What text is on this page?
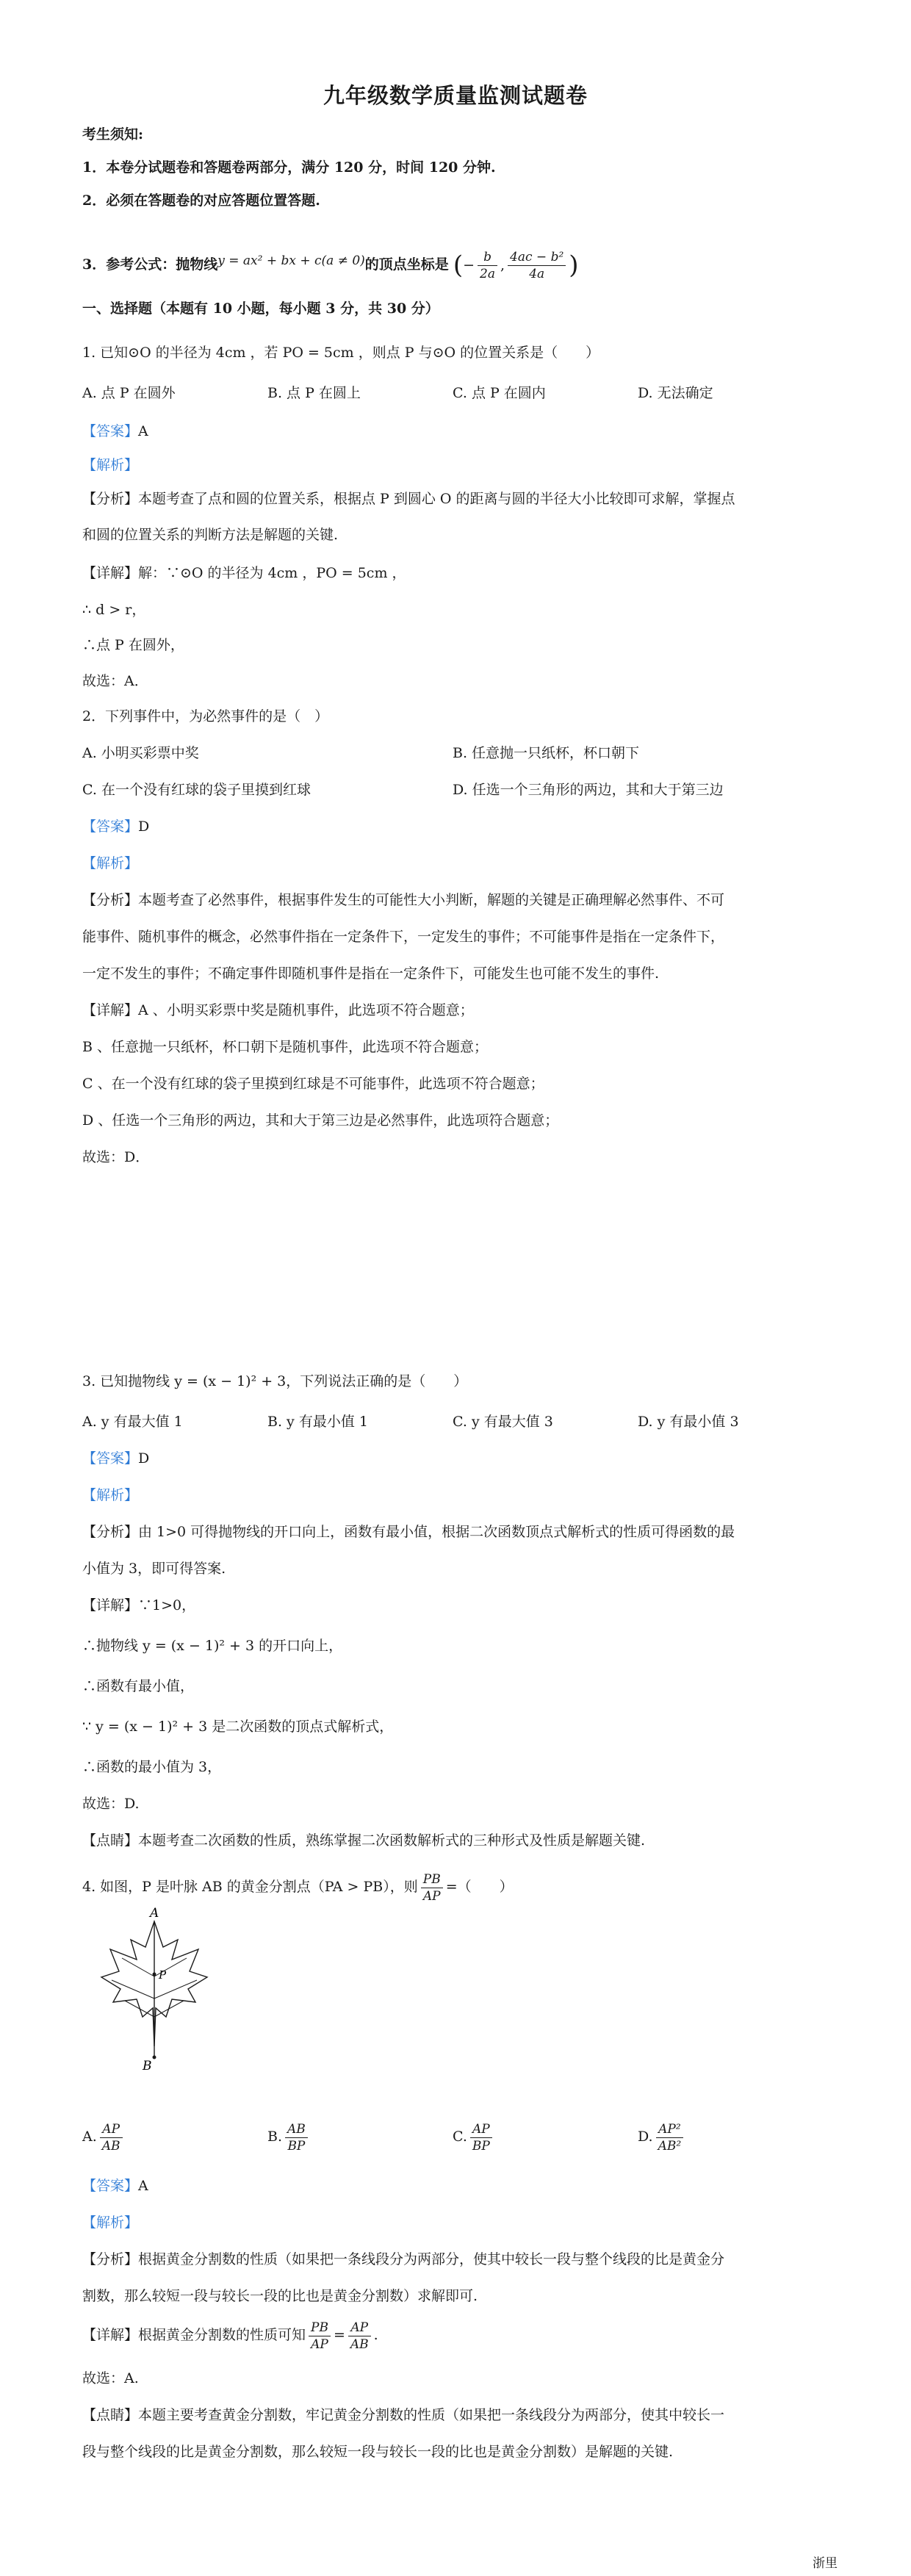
九年级数学质量监测试题卷
考生须知:
1．本卷分试题卷和答题卷两部分，满分 120 分，时间 120 分钟.
2．必须在答题卷的对应答题位置答题.
3．参考公式：抛物线y = ax² + bx + c(a ≠ 0)的顶点坐标是 (− $\frac{b}{2a}$ , $\frac{\text{4ac − b²}}{4a}$ )
一、选择题（本题有 10 小题，每小题 3 分，共 30 分）
1. 已知⊙O 的半径为 4cm ，若 PO = 5cm ，则点 P 与⊙O 的位置关系是（　　）
A. 点 P 在圆外	B. 点 P 在圆上	C. 点 P 在圆内	D. 无法确定
【答案】A
【解析】
【分析】本题考查了点和圆的位置关系，根据点 P 到圆心 O 的距离与圆的半径大小比较即可求解，掌握点
和圆的位置关系的判断方法是解题的关键.
【详解】解：∵⊙O 的半径为 4cm ，PO = 5cm ，
∴ d > r，
∴点 P 在圆外，
故选：A．
2．下列事件中，为必然事件的是（　）
A. 小明买彩票中奖	B. 任意抛一只纸杯，杯口朝下
C. 在一个没有红球的袋子里摸到红球	D. 任选一个三角形的两边，其和大于第三边
【答案】D
【解析】
【分析】本题考查了必然事件，根据事件发生的可能性大小判断，解题的关键是正确理解必然事件、不可
能事件、随机事件的概念，必然事件指在一定条件下，一定发生的事件；不可能事件是指在一定条件下，
一定不发生的事件；不确定事件即随机事件是指在一定条件下，可能发生也可能不发生的事件.
【详解】A 、小明买彩票中奖是随机事件，此选项不符合题意；
B 、任意抛一只纸杯，杯口朝下是随机事件，此选项不符合题意；
C 、在一个没有红球的袋子里摸到红球是不可能事件，此选项不符合题意；
D 、任选一个三角形的两边，其和大于第三边是必然事件，此选项符合题意；
故选：D．
3. 已知抛物线 y = (x − 1)² + 3，下列说法正确的是（　　）
A. y 有最大值 1	B. y 有最小值 1	C. y 有最大值 3	D. y 有最小值 3
【答案】D
【解析】
【分析】由 1>0 可得抛物线的开口向上，函数有最小值，根据二次函数顶点式解析式的性质可得函数的最
小值为 3，即可得答案.
【详解】∵1>0，
∴抛物线 y = (x − 1)² + 3 的开口向上，
∴函数有最小值，
∵ y = (x − 1)² + 3 是二次函数的顶点式解析式，
∴函数的最小值为 3，
故选：D.
【点睛】本题考查二次函数的性质，熟练掌握二次函数解析式的三种形式及性质是解题关键.
4. 如图，P 是叶脉 AB 的黄金分割点（PA > PB），则 $\frac{PB}{AP}$ =（　　）
A
P
B
A. $\frac{AP}{AB}$	B. $\frac{AB}{BP}$	C. $\frac{AP}{BP}$	D. $\frac{\text{AP²}}{\text{AB²}}$
【答案】A
【解析】
【分析】根据黄金分割数的性质（如果把一条线段分为两部分，使其中较长一段与整个线段的比是黄金分
割数，那么较短一段与较长一段的比也是黄金分割数）求解即可.
【详解】根据黄金分割数的性质可知 $\frac{PB}{AP} = \frac{AP}{AB}$ .
故选：A.
【点睛】本题主要考查黄金分割数，牢记黄金分割数的性质（如果把一条线段分为两部分，使其中较长一
段与整个线段的比是黄金分割数，那么较短一段与较长一段的比也是黄金分割数）是解题的关键.
浙里
